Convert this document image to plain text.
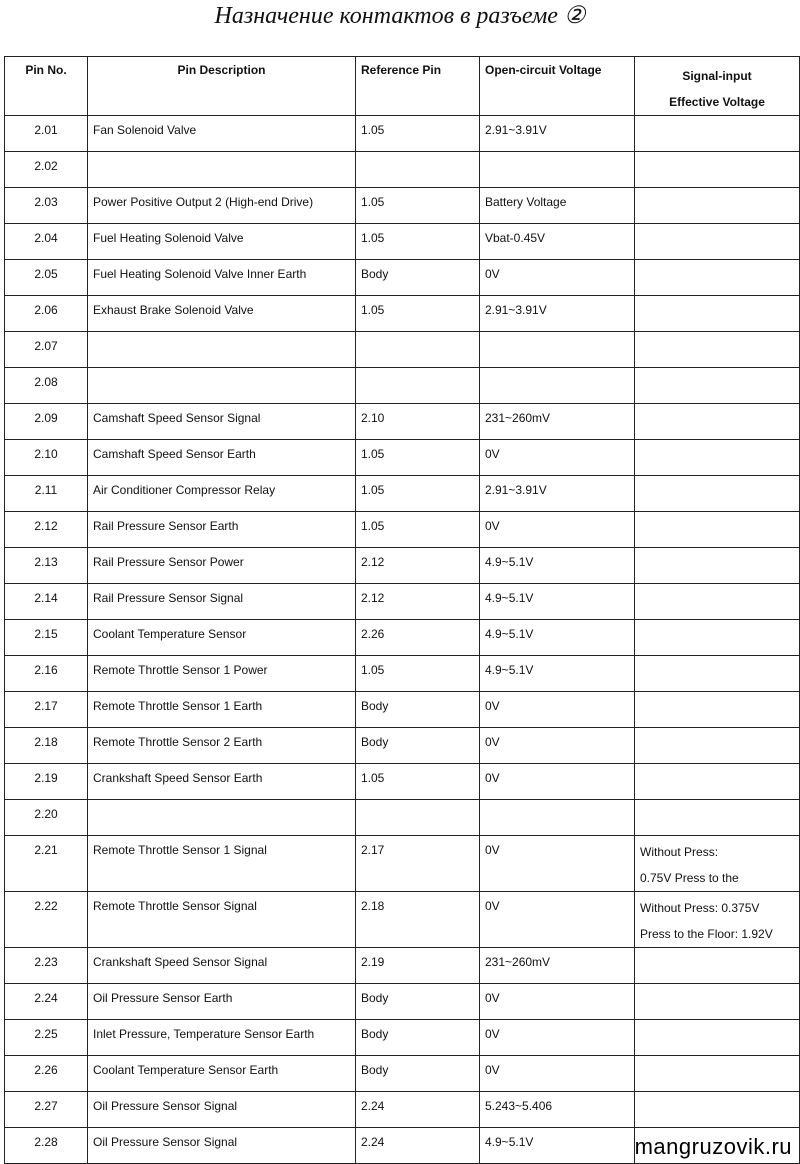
Назначение контактов в разъеме ②
Pin No.	Pin Description	Reference Pin	Open-circuit Voltage	Signal-input
Effective Voltage
2.01	Fan Solenoid Valve	1.05	2.91~3.91V	

2.02				

2.03	Power Positive Output 2 (High-end Drive)	1.05	Battery Voltage	

2.04	Fuel Heating Solenoid Valve	1.05	Vbat-0.45V	

2.05	Fuel Heating Solenoid Valve Inner Earth	Body	0V	

2.06	Exhaust Brake Solenoid Valve	1.05	2.91~3.91V	

2.07				

2.08				

2.09	Camshaft Speed Sensor Signal	2.10	231~260mV	

2.10	Camshaft Speed Sensor Earth	1.05	0V	

2.11	Air Conditioner Compressor Relay	1.05	2.91~3.91V	

2.12	Rail Pressure Sensor Earth	1.05	0V	

2.13	Rail Pressure Sensor Power	2.12	4.9~5.1V	

2.14	Rail Pressure Sensor Signal	2.12	4.9~5.1V	

2.15	Coolant Temperature Sensor	2.26	4.9~5.1V	

2.16	Remote Throttle Sensor 1 Power	1.05	4.9~5.1V	

2.17	Remote Throttle Sensor 1 Earth	Body	0V	

2.18	Remote Throttle Sensor 2 Earth	Body	0V	

2.19	Crankshaft Speed Sensor Earth	1.05	0V	

2.20				

2.21	Remote Throttle Sensor 1 Signal	2.17	0V	Without Press:
0.75V Press to the
2.22	Remote Throttle Sensor Signal	2.18	0V	Without Press: 0.375V
Press to the Floor: 1.92V
2.23	Crankshaft Speed Sensor Signal	2.19	231~260mV	

2.24	Oil Pressure Sensor Earth	Body	0V	

2.25	Inlet Pressure, Temperature Sensor Earth	Body	0V	

2.26	Coolant Temperature Sensor Earth	Body	0V	

2.27	Oil Pressure Sensor Signal	2.24	5.243~5.406	

2.28	Oil Pressure Sensor Signal	2.24	4.9~5.1V		mangruzovik.ru
